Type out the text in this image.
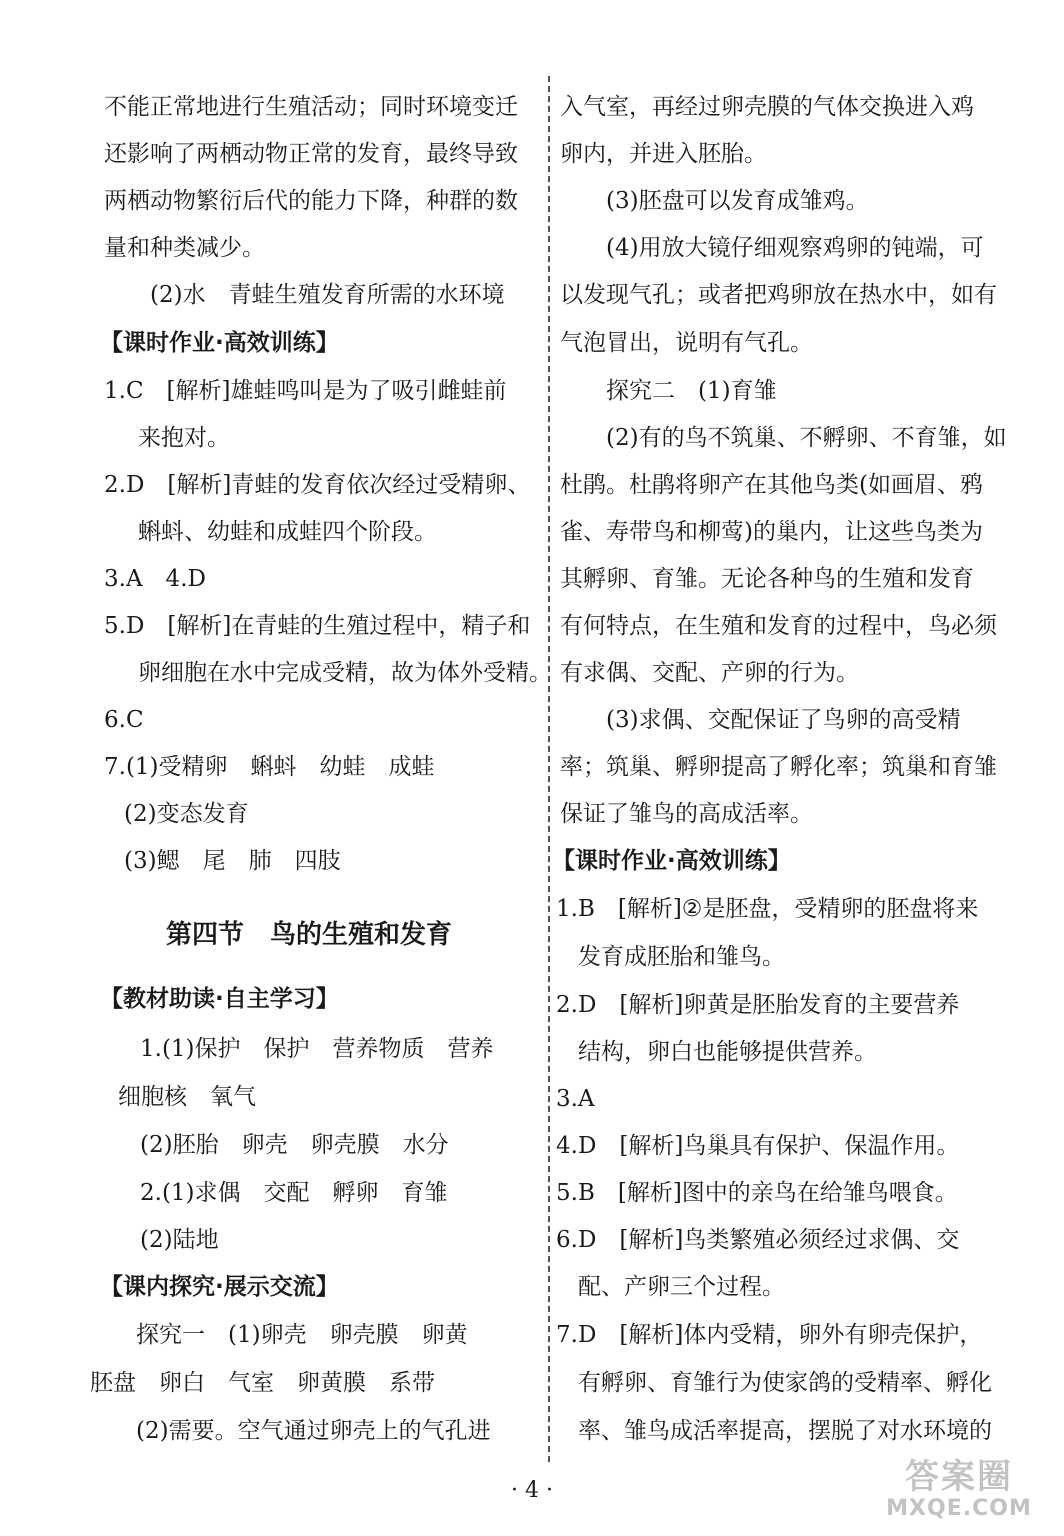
不能正常地进行生殖活动；同时环境变迁
还影响了两栖动物正常的发育，最终导致
两栖动物繁衍后代的能力下降，种群的数
量和种类减少。
(2)水　青蛙生殖发育所需的水环境
【课时作业·高效训练】
1.C　[解析]雄蛙鸣叫是为了吸引雌蛙前
来抱对。
2.D　[解析]青蛙的发育依次经过受精卵、
蝌蚪、幼蛙和成蛙四个阶段。
3.A　4.D
5.D　[解析]在青蛙的生殖过程中，精子和
卵细胞在水中完成受精，故为体外受精。
6.C
7.(1)受精卵　蝌蚪　幼蛙　成蛙
(2)变态发育
(3)鳃　尾　肺　四肢
第四节　鸟的生殖和发育
【教材助读·自主学习】
1.(1)保护　保护　营养物质　营养
细胞核　氧气
(2)胚胎　卵壳　卵壳膜　水分
2.(1)求偶　交配　孵卵　育雏
(2)陆地
【课内探究·展示交流】
探究一　(1)卵壳　卵壳膜　卵黄
胚盘　卵白　气室　卵黄膜　系带
(2)需要。空气通过卵壳上的气孔进
入气室，再经过卵壳膜的气体交换进入鸡
卵内，并进入胚胎。
(3)胚盘可以发育成雏鸡。
(4)用放大镜仔细观察鸡卵的钝端，可
以发现气孔；或者把鸡卵放在热水中，如有
气泡冒出，说明有气孔。
探究二　(1)育雏
(2)有的鸟不筑巢、不孵卵、不育雏，如
杜鹃。杜鹃将卵产在其他鸟类(如画眉、鸦
雀、寿带鸟和柳莺)的巢内，让这些鸟类为
其孵卵、育雏。无论各种鸟的生殖和发育
有何特点，在生殖和发育的过程中，鸟必须
有求偶、交配、产卵的行为。
(3)求偶、交配保证了鸟卵的高受精
率；筑巢、孵卵提高了孵化率；筑巢和育雏
保证了雏鸟的高成活率。
【课时作业·高效训练】
1.B　[解析]②是胚盘，受精卵的胚盘将来
发育成胚胎和雏鸟。
2.D　[解析]卵黄是胚胎发育的主要营养
结构，卵白也能够提供营养。
3.A
4.D　[解析]鸟巢具有保护、保温作用。
5.B　[解析]图中的亲鸟在给雏鸟喂食。
6.D　[解析]鸟类繁殖必须经过求偶、交
配、产卵三个过程。
7.D　[解析]体内受精，卵外有卵壳保护，
有孵卵、育雏行为使家鸽的受精率、孵化
率、雏鸟成活率提高，摆脱了对水环境的
· 4 ·	答案圈
MXQE.COM
